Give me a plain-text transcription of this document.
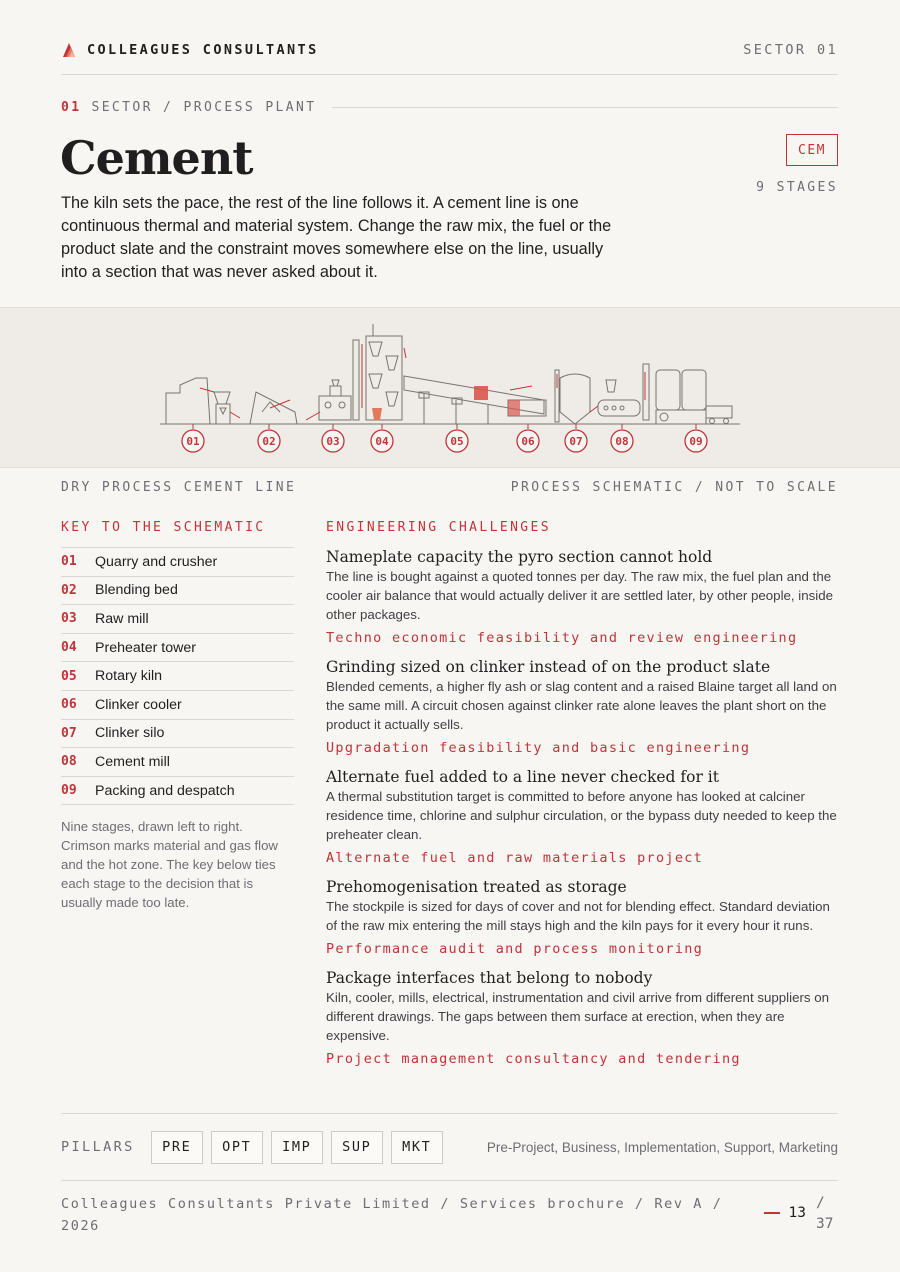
COLLEAGUES CONSULTANTS	SECTOR 01
01 SECTOR / PROCESS PLANT
Cement	CEM
9 STAGES

The kiln sets the pace, the rest of the line follows it. A cement line is one continuous thermal and material system. Change the raw mix, the fuel or the product slate and the constraint moves somewhere else on the line, usually into a section that was never asked about it.

01	02	03	04	05	06	07	08	09
DRY PROCESS CEMENT LINE	PROCESS SCHEMATIC / NOT TO SCALE
KEY TO THE SCHEMATIC
01	Quarry and crusher
02	Blending bed
03	Raw mill
04	Preheater tower
05	Rotary kiln
06	Clinker cooler
07	Clinker silo
08	Cement mill
09	Packing and despatch

Nine stages, drawn left to right. Crimson marks material and gas flow and the hot zone. The key below ties each stage to the decision that is usually made too late.

ENGINEERING CHALLENGES
Nameplate capacity the pyro section cannot hold
The line is bought against a quoted tonnes per day. The raw mix, the fuel plan and the cooler air balance that would actually deliver it are settled later, by other people, inside other packages.
Techno economic feasibility and review engineering
Grinding sized on clinker instead of on the product slate
Blended cements, a higher fly ash or slag content and a raised Blaine target all land on the same mill. A circuit chosen against clinker rate alone leaves the plant short on the product it actually sells.
Upgradation feasibility and basic engineering
Alternate fuel added to a line never checked for it
A thermal substitution target is committed to before anyone has looked at calciner residence time, chlorine and sulphur circulation, or the bypass duty needed to keep the preheater clean.
Alternate fuel and raw materials project
Prehomogenisation treated as storage
The stockpile is sized for days of cover and not for blending effect. Standard deviation of the raw mix entering the mill stays high and the kiln pays for it every hour it runs.
Performance audit and process monitoring
Package interfaces that belong to nobody
Kiln, cooler, mills, electrical, instrumentation and civil arrive from different suppliers on different drawings. The gaps between them surface at erection, when they are expensive.
Project management consultancy and tendering
PILLARS	PRE	OPT	IMP	SUP	MKT	Pre-Project, Business, Implementation, Support, Marketing
Colleagues Consultants Private Limited / Services brochure / Rev A / 2026
13
/ 37
